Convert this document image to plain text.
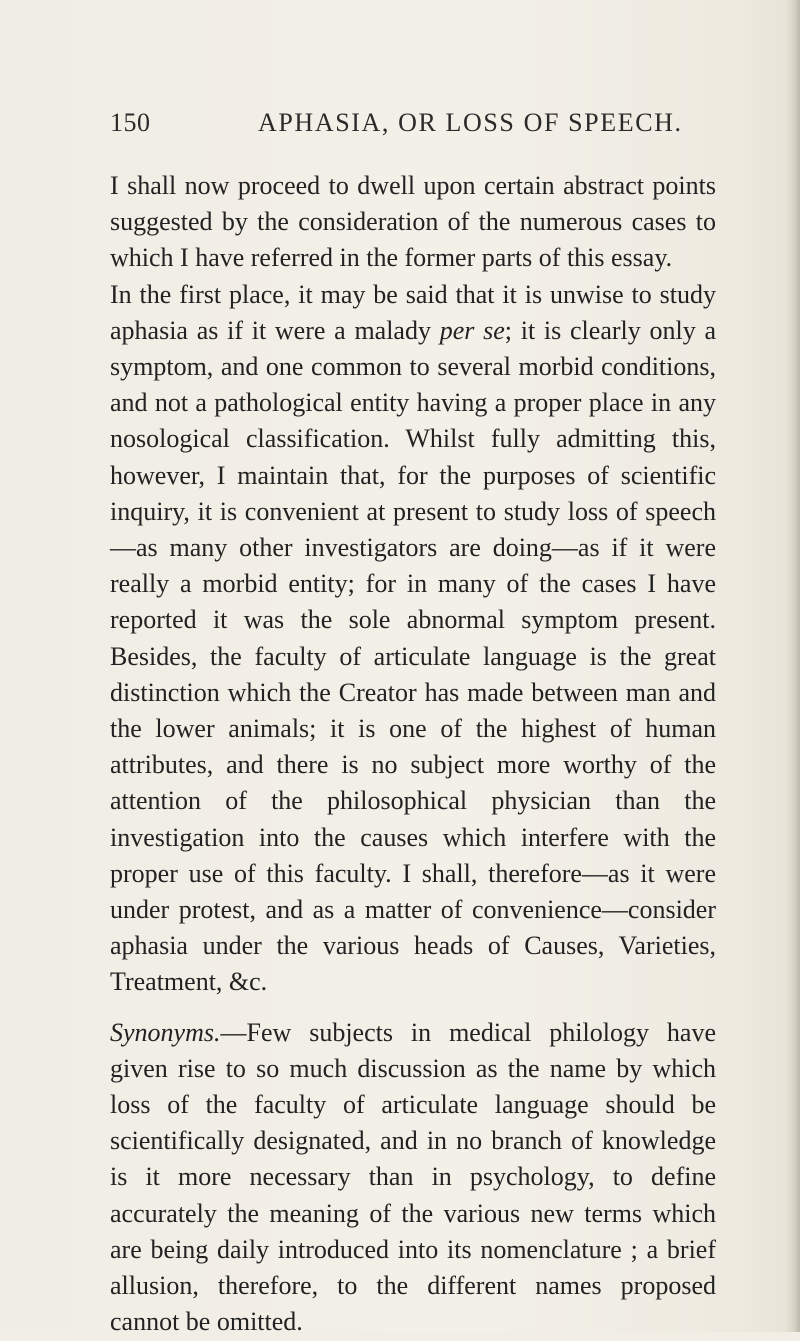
150	APHASIA, OR LOSS OF SPEECH.

I shall now proceed to dwell upon certain abstract points suggested by the consideration of the numerous cases to which I have referred in the former parts of this essay.

In the first place, it may be said that it is unwise to study aphasia as if it were a malady per se; it is clearly only a symptom, and one common to several morbid conditions, and not a pathological entity having a proper place in any nosological classification. Whilst fully admitting this, however, I maintain that, for the purposes of scientific inquiry, it is convenient at present to study loss of speech—as many other investigators are doing—as if it were really a morbid entity; for in many of the cases I have reported it was the sole abnormal symptom present. Besides, the faculty of articulate language is the great distinction which the Creator has made between man and the lower animals; it is one of the highest of human attributes, and there is no subject more worthy of the attention of the philosophical physician than the investigation into the causes which interfere with the proper use of this faculty. I shall, therefore—as it were under protest, and as a matter of convenience—consider aphasia under the various heads of Causes, Varieties, Treatment, &c.

Synonyms.—Few subjects in medical philology have given rise to so much discussion as the name by which loss of the faculty of articulate language should be scientifically designated, and in no branch of knowledge is it more necessary than in psychology, to define accurately the meaning of the various new terms which are being daily introduced into its nomenclature ; a brief allusion, therefore, to the different names proposed cannot be omitted.
